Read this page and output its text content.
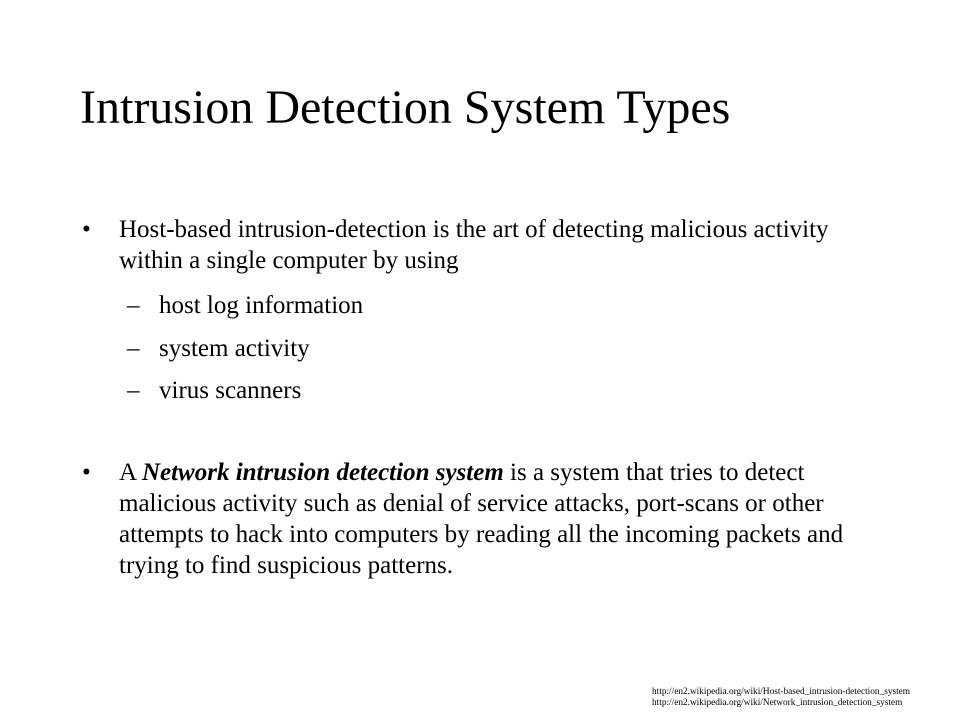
Intrusion Detection System Types
•	Host-based intrusion-detection is the art of detecting malicious activity within a single computer by using
– host log information
– system activity
– virus scanners
•	A Network intrusion detection system is a system that tries to detect malicious activity such as denial of service attacks, port-scans or other attempts to hack into computers by reading all the incoming packets and trying to find suspicious patterns.
http://en2.wikipedia.org/wiki/Host-based_intrusion-detection_system
http://en2.wikipedia.org/wiki/Network_intrusion_detection_system
